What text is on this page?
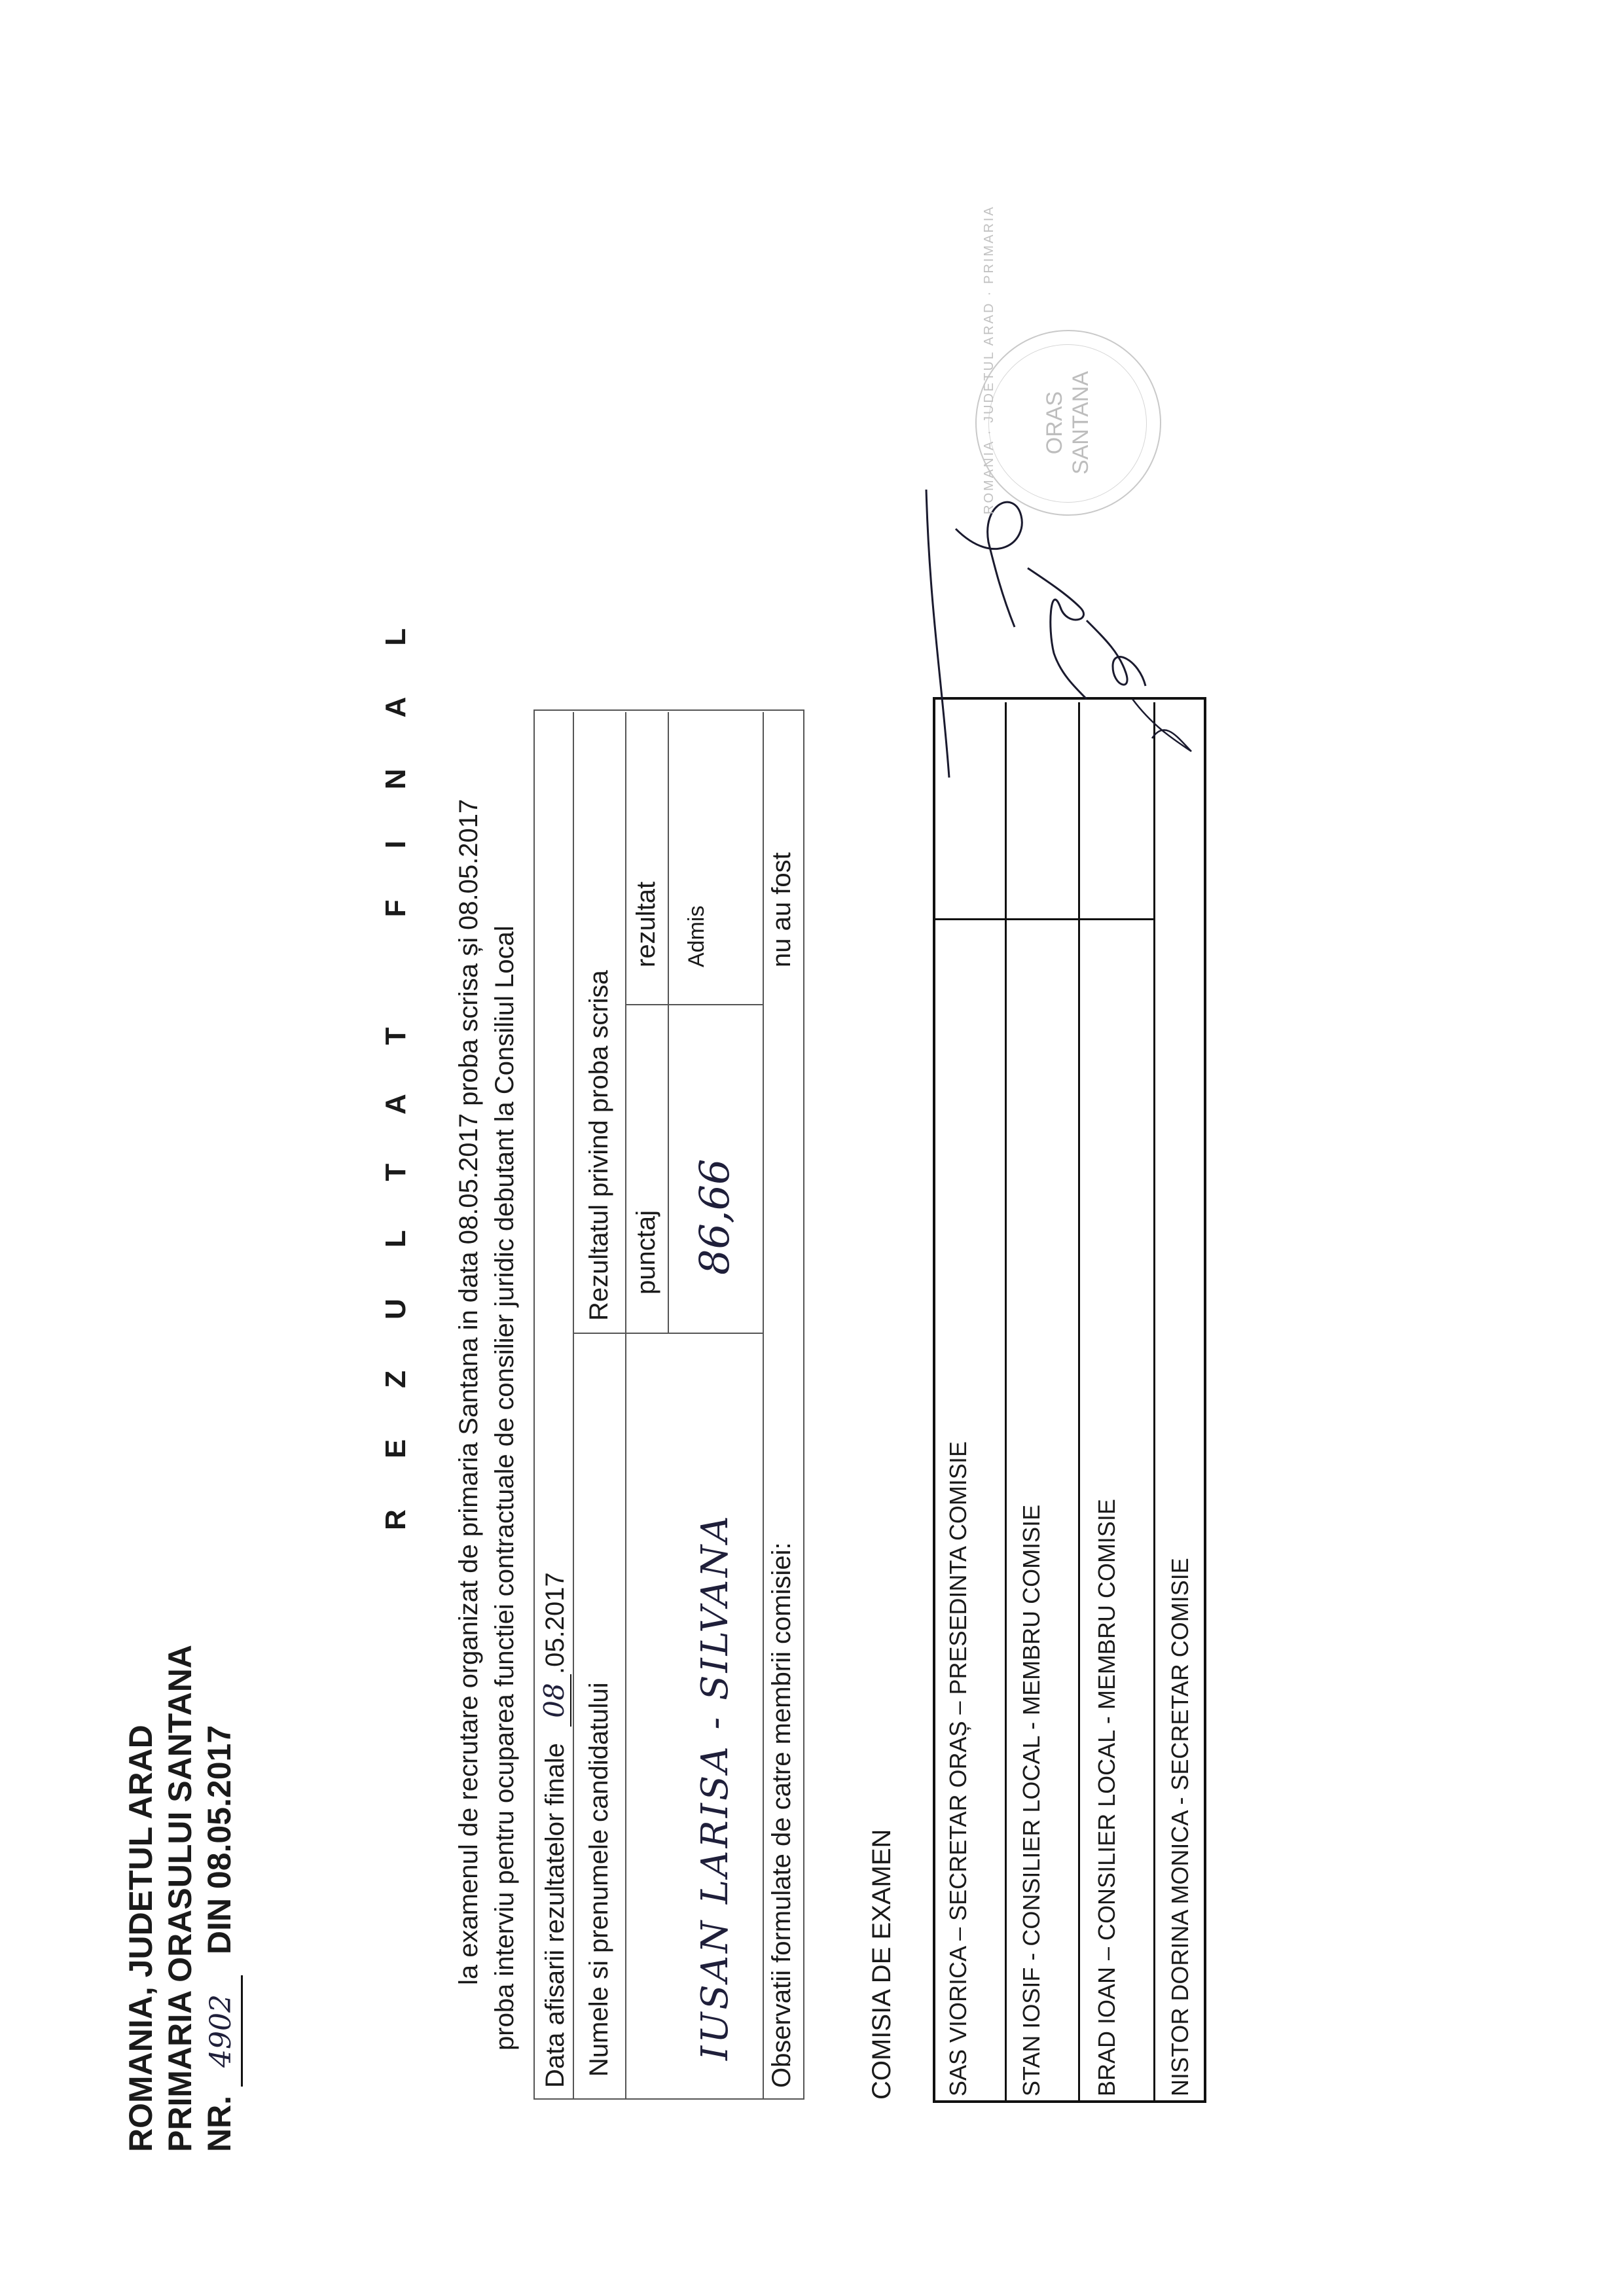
ROMANIA, JUDETUL ARAD PRIMARIA ORASULUI SANTANA NR. 4902 DIN 08.05.2017
REZULTAT FINAL la examenul de recrutare organizat de primaria Santana in data 08.05.2017 proba scrisa și 08.05.2017 proba interviu pentru ocuparea functiei contractuale de consilier juridic debutant la Consiliul Local Data afisarii rezultatelor finale 08.05.2017
Numele si prenumele candidatului
Rezultatul privind proba scrisa punctaj
rezultat
IUSAN LARISA - SILVANA
86,66
Admis
Observatii formulate de catre membrii comisiei:
nu au fost
COMISIA DE EXAMEN SAS VIORICA – SECRETAR ORAȘ – PRESEDINTA COMISIE STAN IOSIF - CONSILIER LOCAL - MEMBRU COMISIE BRAD IOAN – CONSILIER LOCAL - MEMBRU COMISIE NISTOR DORINA MONICA - SECRETAR COMISIE
ROMANIA · JUDETUL ARAD · PRIMARIA ORAS SANTANA
